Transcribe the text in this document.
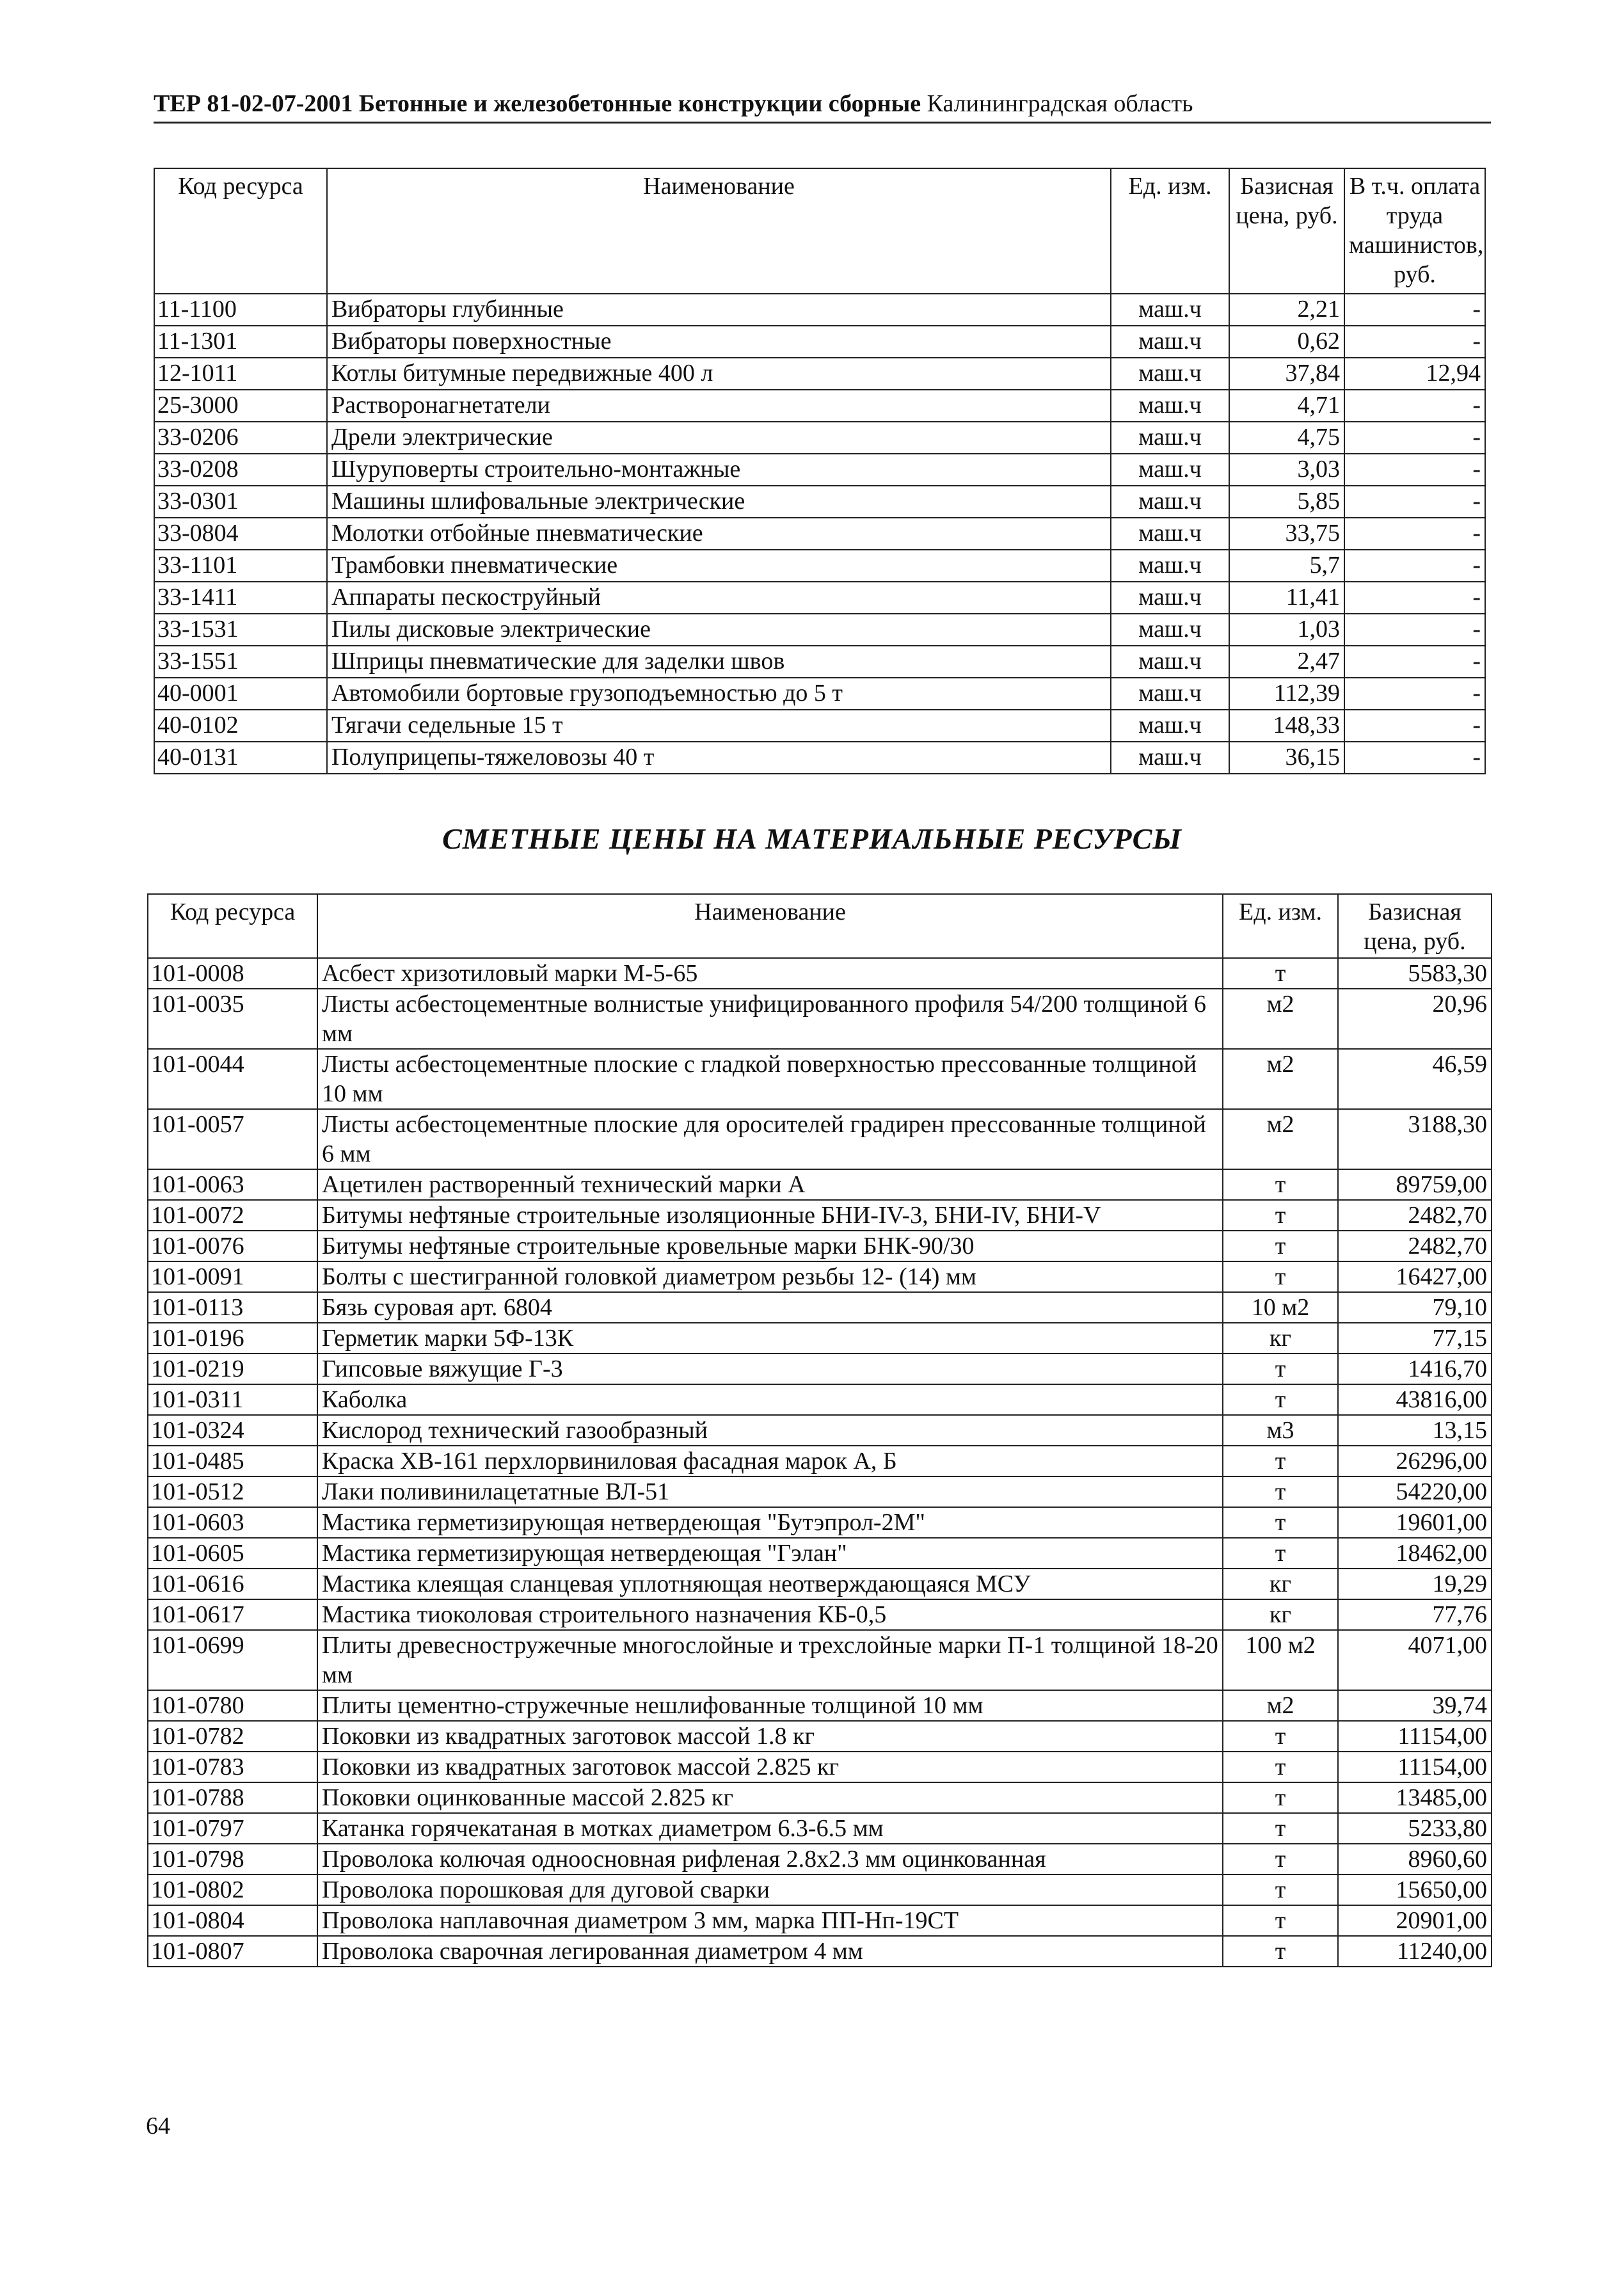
ТЕР 81-02-07-2001 Бетонные и железобетонные конструкции сборные Калининградская область
Код ресурса	Наименование	Ед. изм.	Базисная цена, руб.	В т.ч. оплата труда машинистов, руб.
11-1100	Вибраторы глубинные	маш.ч	2,21	-
11-1301	Вибраторы поверхностные	маш.ч	0,62	-
12-1011	Котлы битумные передвижные 400 л	маш.ч	37,84	12,94
25-3000	Растворонагнетатели	маш.ч	4,71	-
33-0206	Дрели электрические	маш.ч	4,75	-
33-0208	Шуруповерты строительно-монтажные	маш.ч	3,03	-
33-0301	Машины шлифовальные электрические	маш.ч	5,85	-
33-0804	Молотки отбойные пневматические	маш.ч	33,75	-
33-1101	Трамбовки пневматические	маш.ч	5,7	-
33-1411	Аппараты пескоструйный	маш.ч	11,41	-
33-1531	Пилы дисковые электрические	маш.ч	1,03	-
33-1551	Шприцы пневматические для заделки швов	маш.ч	2,47	-
40-0001	Автомобили бортовые грузоподъемностью до 5 т	маш.ч	112,39	-
40-0102	Тягачи седельные 15 т	маш.ч	148,33	-
40-0131	Полуприцепы-тяжеловозы 40 т	маш.ч	36,15	-
СМЕТНЫЕ ЦЕНЫ НА МАТЕРИАЛЬНЫЕ РЕСУРСЫ
Код ресурса	Наименование	Ед. изм.	Базисная цена, руб.
101-0008	Асбест хризотиловый марки М-5-65	т	5583,30
101-0035	Листы асбестоцементные волнистые унифицированного профиля 54/200 толщиной 6 мм	м2	20,96
101-0044	Листы асбестоцементные плоские с гладкой поверхностью прессованные толщиной 10 мм	м2	46,59
101-0057	Листы асбестоцементные плоские для оросителей градирен прессованные толщиной 6 мм	м2	3188,30
101-0063	Ацетилен растворенный технический марки А	т	89759,00
101-0072	Битумы нефтяные строительные изоляционные БНИ-IV-3, БНИ-IV, БНИ-V	т	2482,70
101-0076	Битумы нефтяные строительные кровельные марки БНК-90/30	т	2482,70
101-0091	Болты с шестигранной головкой диаметром резьбы 12- (14) мм	т	16427,00
101-0113	Бязь суровая арт. 6804	10 м2	79,10
101-0196	Герметик марки 5Ф-13К	кг	77,15
101-0219	Гипсовые вяжущие Г-3	т	1416,70
101-0311	Каболка	т	43816,00
101-0324	Кислород технический газообразный	м3	13,15
101-0485	Краска ХВ-161 перхлорвиниловая фасадная марок А, Б	т	26296,00
101-0512	Лаки поливинилацетатные ВЛ-51	т	54220,00
101-0603	Мастика герметизирующая нетвердеющая "Бутэпрол-2М"	т	19601,00
101-0605	Мастика герметизирующая нетвердеющая "Гэлан"	т	18462,00
101-0616	Мастика клеящая сланцевая уплотняющая неотверждающаяся МСУ	кг	19,29
101-0617	Мастика тиоколовая строительного назначения КБ-0,5	кг	77,76
101-0699	Плиты древесностружечные многослойные и трехслойные марки П-1 толщиной 18-20 мм	100 м2	4071,00
101-0780	Плиты цементно-стружечные нешлифованные толщиной 10 мм	м2	39,74
101-0782	Поковки из квадратных заготовок массой 1.8 кг	т	11154,00
101-0783	Поковки из квадратных заготовок массой 2.825 кг	т	11154,00
101-0788	Поковки оцинкованные массой 2.825 кг	т	13485,00
101-0797	Катанка горячекатаная в мотках диаметром 6.3-6.5 мм	т	5233,80
101-0798	Проволока колючая одноосновная рифленая 2.8х2.3 мм оцинкованная	т	8960,60
101-0802	Проволока порошковая для дуговой сварки	т	15650,00
101-0804	Проволока наплавочная диаметром 3 мм, марка ПП-Нп-19СТ	т	20901,00
101-0807	Проволока сварочная легированная диаметром 4 мм	т	11240,00
64
